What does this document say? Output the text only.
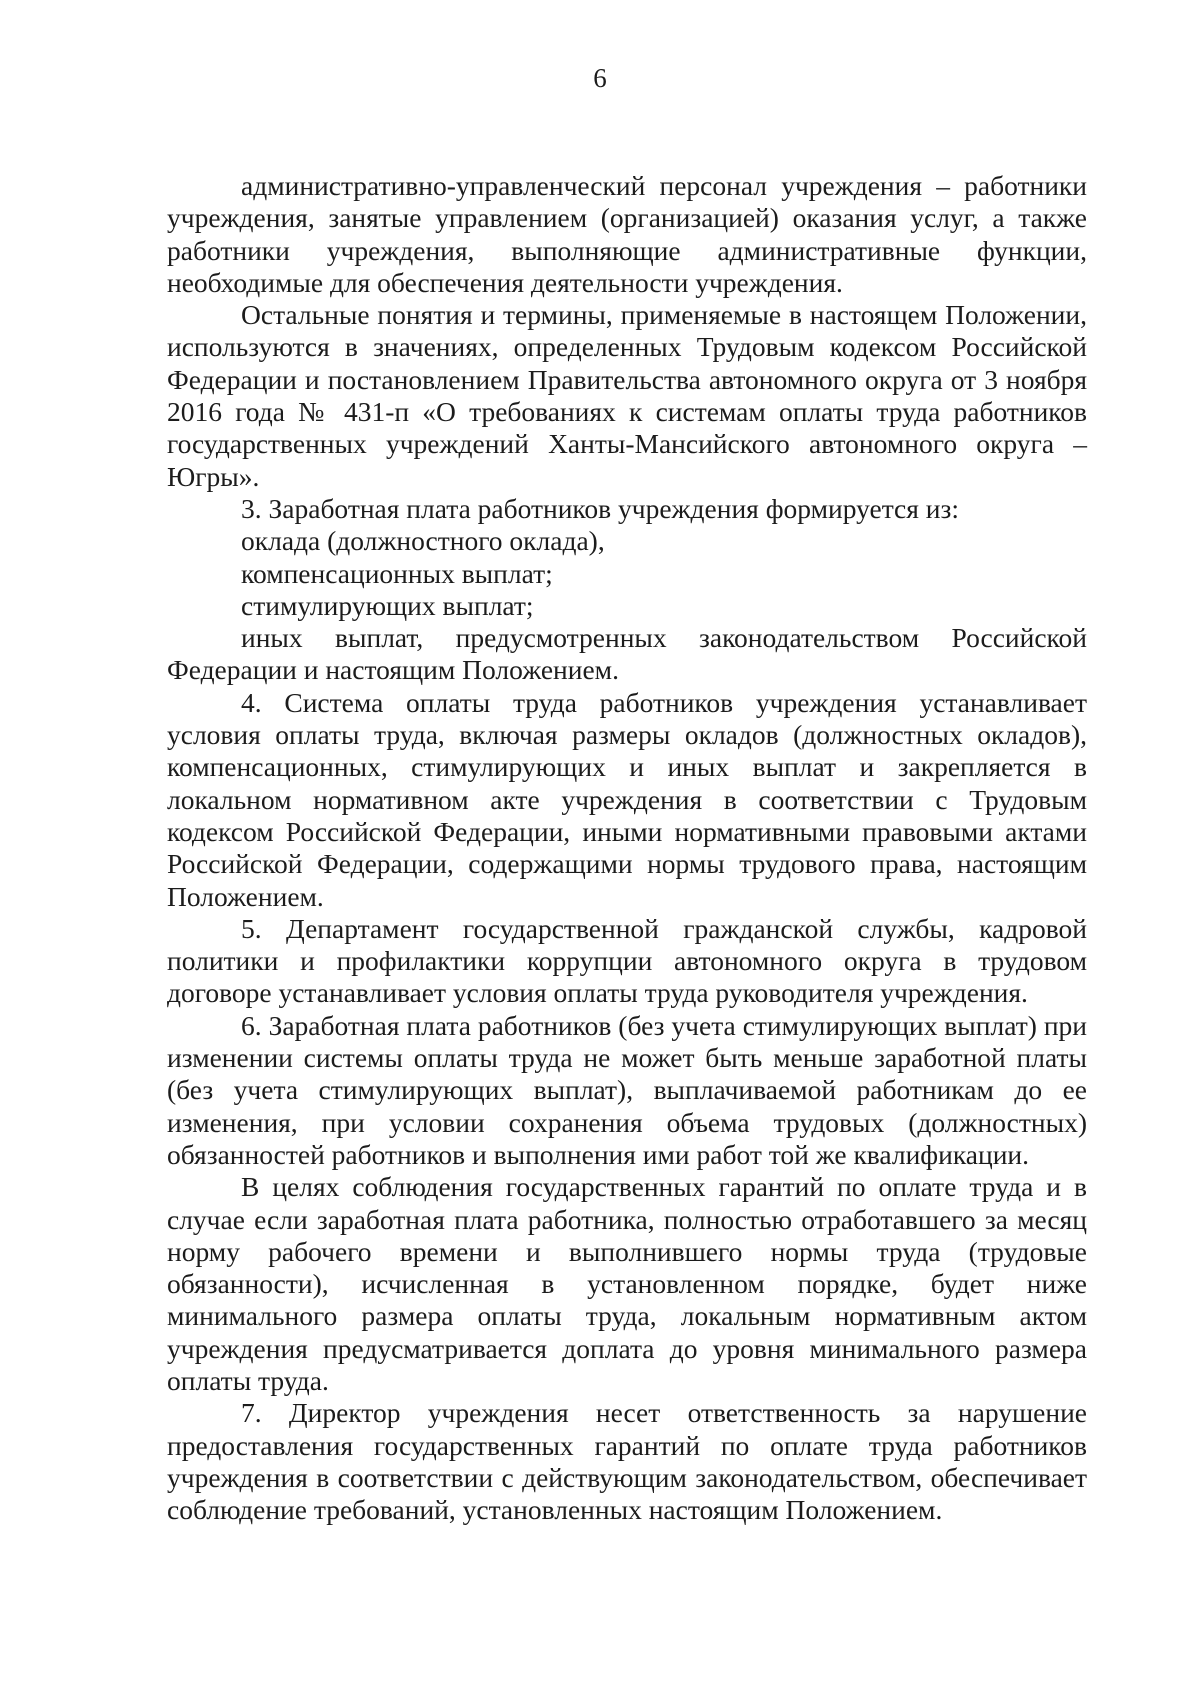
6

административно-управленческий персонал учреждения – работники учреждения, занятые управлением (организацией) оказания услуг, а также работники учреждения, выполняющие административные функции, необходимые для обеспечения деятельности учреждения.

Остальные понятия и термины, применяемые в настоящем Положении, используются в значениях, определенных Трудовым кодексом Российской Федерации и постановлением Правительства автономного округа от 3 ноября 2016 года № 431-п «О требованиях к системам оплаты труда работников государственных учреждений Ханты-Мансийского автономного округа – Югры».

3. Заработная плата работников учреждения формируется из:

оклада (должностного оклада),

компенсационных выплат;

стимулирующих выплат;

иных выплат, предусмотренных законодательством Российской Федерации и настоящим Положением.

4. Система оплаты труда работников учреждения устанавливает условия оплаты труда, включая размеры окладов (должностных окладов), компенсационных, стимулирующих и иных выплат и закрепляется в локальном нормативном акте учреждения в соответствии с Трудовым кодексом Российской Федерации, иными нормативными правовыми актами Российской Федерации, содержащими нормы трудового права, настоящим Положением.

5. Департамент государственной гражданской службы, кадровой политики и профилактики коррупции автономного округа в трудовом договоре устанавливает условия оплаты труда руководителя учреждения.

6. Заработная плата работников (без учета стимулирующих выплат) при изменении системы оплаты труда не может быть меньше заработной платы (без учета стимулирующих выплат), выплачиваемой работникам до ее изменения, при условии сохранения объема трудовых (должностных) обязанностей работников и выполнения ими работ той же квалификации.

В целях соблюдения государственных гарантий по оплате труда и в случае если заработная плата работника, полностью отработавшего за месяц норму рабочего времени и выполнившего нормы труда (трудовые обязанности), исчисленная в установленном порядке, будет ниже минимального размера оплаты труда, локальным нормативным актом учреждения предусматривается доплата до уровня минимального размера оплаты труда.

7. Директор учреждения несет ответственность за нарушение предоставления государственных гарантий по оплате труда работников учреждения в соответствии с действующим законодательством, обеспечивает соблюдение требований, установленных настоящим Положением.
